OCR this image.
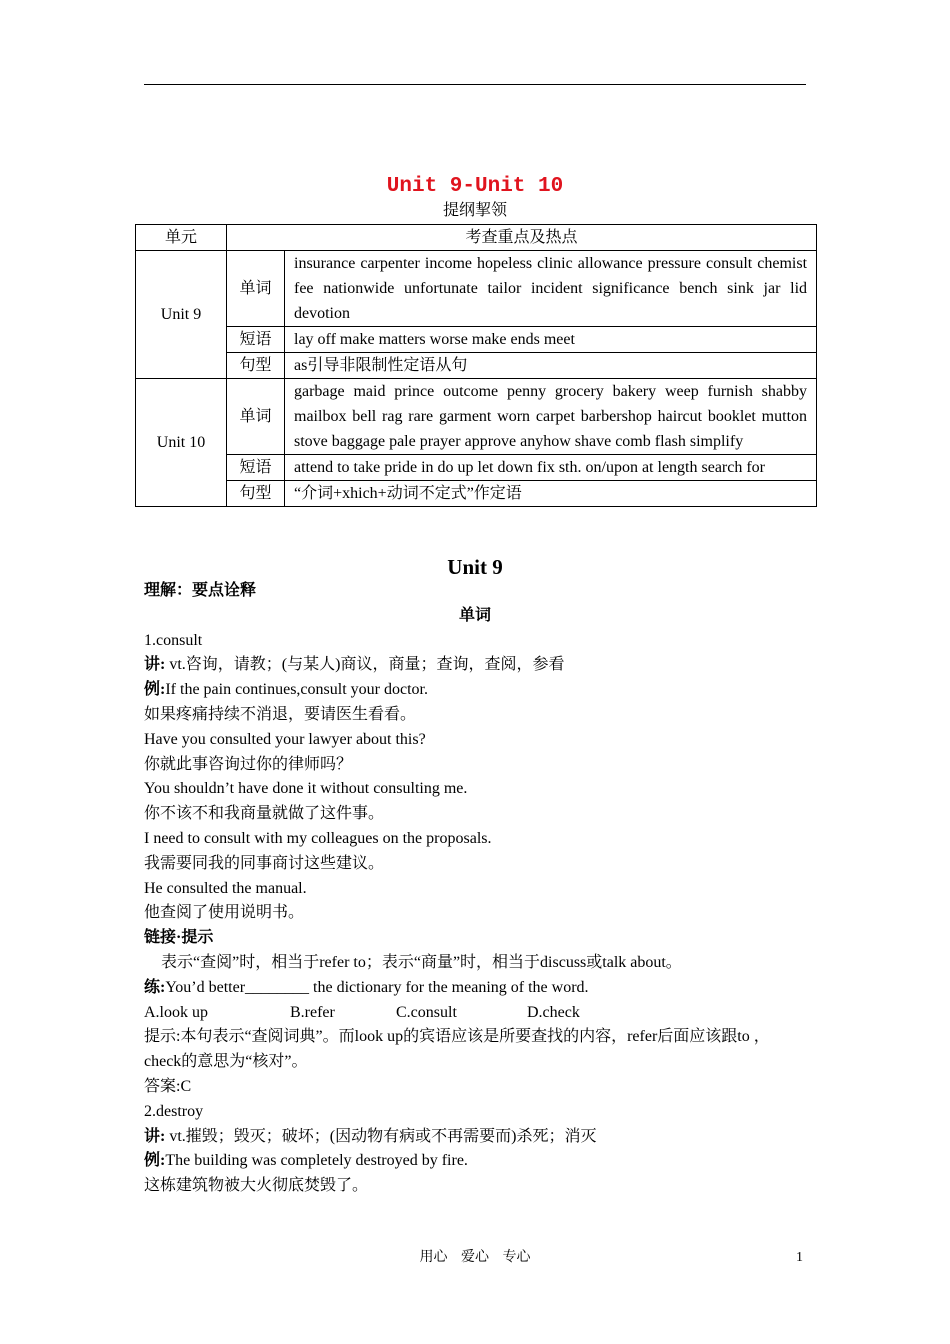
Unit 9-Unit 10
提纲挈领
单元	考查重点及热点	
Unit 9	单词	insurance carpenter income hopeless clinic allowance pressure consult chemist fee nationwide unfortunate tailor incident significance bench sink jar lid devotion
	短语	lay off make matters worse make ends meet
	句型	as引导非限制性定语从句
Unit 10	单词	garbage maid prince outcome penny grocery bakery weep furnish shabby mailbox bell rag rare garment worn carpet barbershop haircut booklet mutton stove baggage pale prayer approve anyhow shave comb flash simplify
	短语	attend to take pride in do up let down fix sth. on/upon at length search for
	句型	“介词+xhich+动词不定式”作定语
Unit 9

理解：要点诠释

单词

1.consult

讲: vt.咨询，请教；(与某人)商议，商量；查询，查阅，参看

例:If the pain continues,consult your doctor.

如果疼痛持续不消退，要请医生看看。

Have you consulted your lawyer about this?

你就此事咨询过你的律师吗？

You shouldn’t have done it without consulting me.

你不该不和我商量就做了这件事。

I need to consult with my colleagues on the proposals.

我需要同我的同事商讨这些建议。

He consulted the manual.

他查阅了使用说明书。

链接·提示

表示“查阅”时，相当于refer to；表示“商量”时，相当于discuss或talk about。

练:You’d better________ the dictionary for the meaning of the word.

A.look up	B.refer	C.consult	D.check

提示:本句表示“查阅词典”。而look up的宾语应该是所要查找的内容，refer后面应该跟to ，check的意思为“核对”。

答案:C

2.destroy

讲: vt.摧毁；毁灭；破坏；(因动物有病或不再需要而)杀死；消灭

例:The building was completely destroyed by fire.

这栋建筑物被大火彻底焚毁了。

用心 爱心 专心	1
